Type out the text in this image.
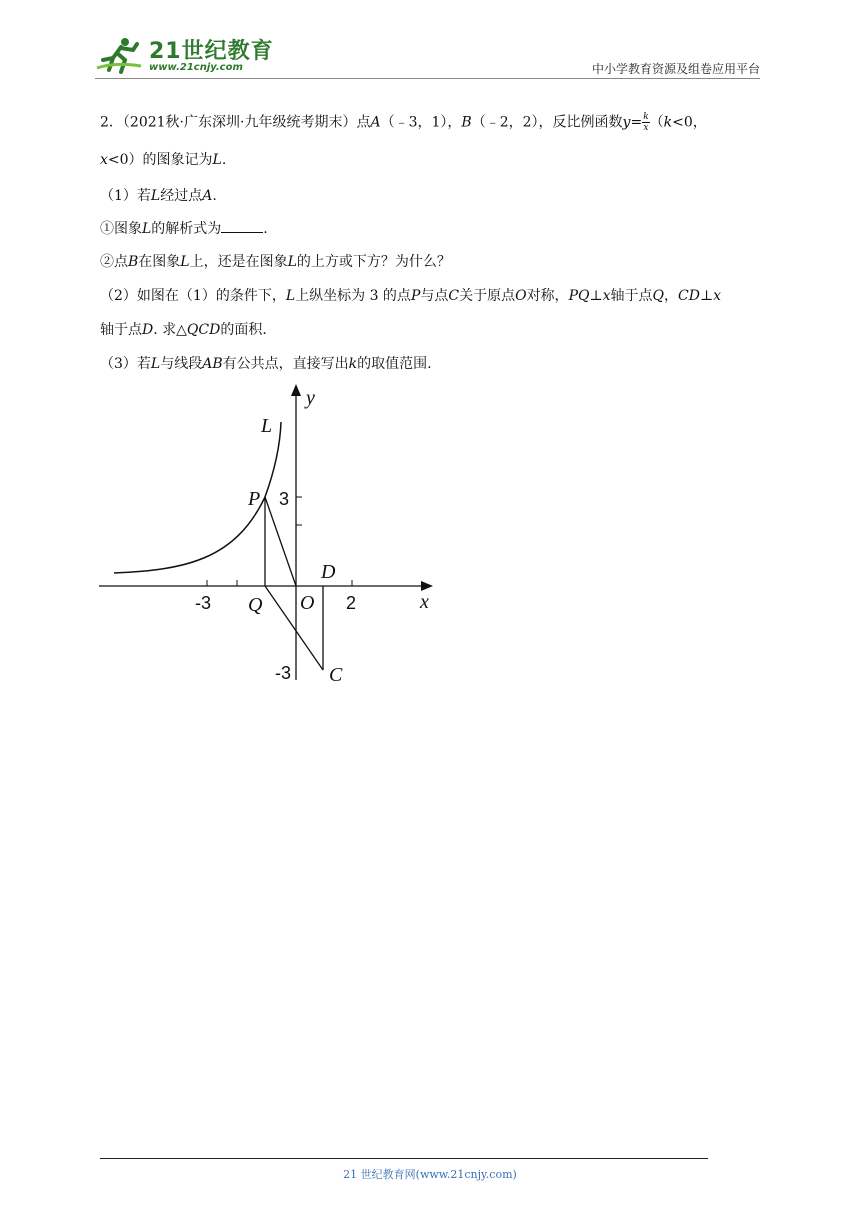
21世纪教育
www.21cnjy.com	中小学教育资源及组卷应用平台
2．（2021秋·广东深圳·九年级统考期末）点A（﹣3，1），B（﹣2，2），反比例函数$y= \frac{k}{x} (k<0$，
x<0）的图象记为L.
（1）若L经过点A.
①图象L的解析式为	.
②点B在图象L上，还是在图象L的上方或下方？为什么？
（2）如图在（1）的条件下，L上纵坐标为 3 的点P与点C关于原点O对称，PQ⊥x轴于点Q，CD⊥x
轴于点D. 求△QCD的面积.
（3）若L与线段AB有公共点，直接写出k的取值范围.
y
x
L
P 3
D
-3 Q O 2
-3 C
21 世纪教育网(www.21cnjy.com)
